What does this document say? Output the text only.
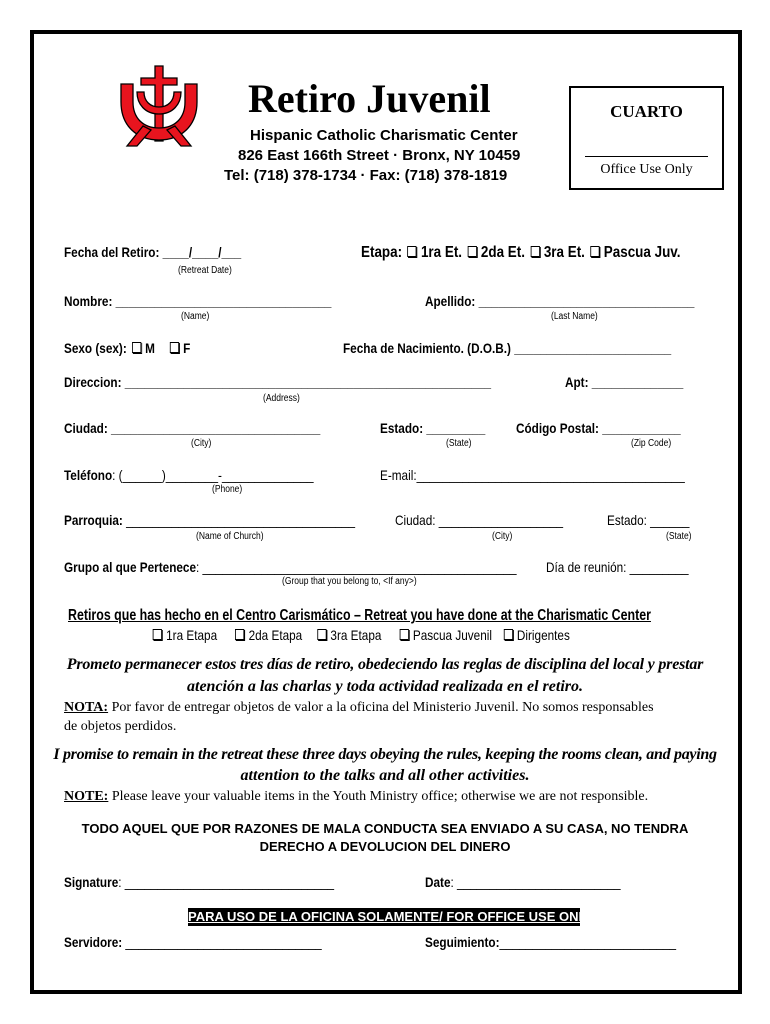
Retiro Juvenil
Hispanic Catholic Charismatic Center
826 East 166th Street · Bronx, NY 10459
Tel: (718) 378-1734 · Fax: (718) 378-1819
CUARTO
Office Use Only
Fecha del Retiro: ____/____/___
(Retreat Date)
Etapa: 1ra Et. 2da Et. 3ra Et. Pascua Juv.
Nombre: _________________________________
(Name)
Apellido: _________________________________
(Last Name)
Sexo (sex): M F	Fecha de Nacimiento. (D.O.B.) ________________________
Direccion: ________________________________________________________
(Address)
Apt: ______________
Ciudad: ________________________________
(City)
Estado: _________
(State)
Código Postal: ____________
(Zip Code)
Teléfono: (______)________-______________
(Phone)
E-mail:_________________________________________
Parroquia: ___________________________________
(Name of Church)
Ciudad: ___________________
(City)
Estado: ______
(State)
Grupo al que Pertenece: ________________________________________________
(Group that you belong to, <If any>)
Día de reunión: _________
Retiros que has hecho en el Centro Carismático – Retreat you have done at the Charismatic Center
1ra Etapa 2da Etapa 3ra Etapa Pascua Juvenil Dirigentes
Prometo permanecer estos tres días de retiro, obedeciendo las reglas de disciplina del local y prestar
atención a las charlas y toda actividad realizada en el retiro.
NOTA: Por favor de entregar objetos de valor a la oficina del Ministerio Juvenil. No somos responsables
de objetos perdidos.
I promise to remain in the retreat these three days obeying the rules, keeping the rooms clean, and paying
attention to the talks and all other activities.
NOTE: Please leave your valuable items in the Youth Ministry office; otherwise we are not responsible.
TODO AQUEL QUE POR RAZONES DE MALA CONDUCTA SEA ENVIADO A SU CASA, NO TENDRA
DERECHO A DEVOLUCION DEL DINERO
Signature: ________________________________	Date: _________________________
PARA USO DE LA OFICINA SOLAMENTE/ FOR OFFICE USE ONLY
Servidore: ______________________________	Seguimiento:___________________________
